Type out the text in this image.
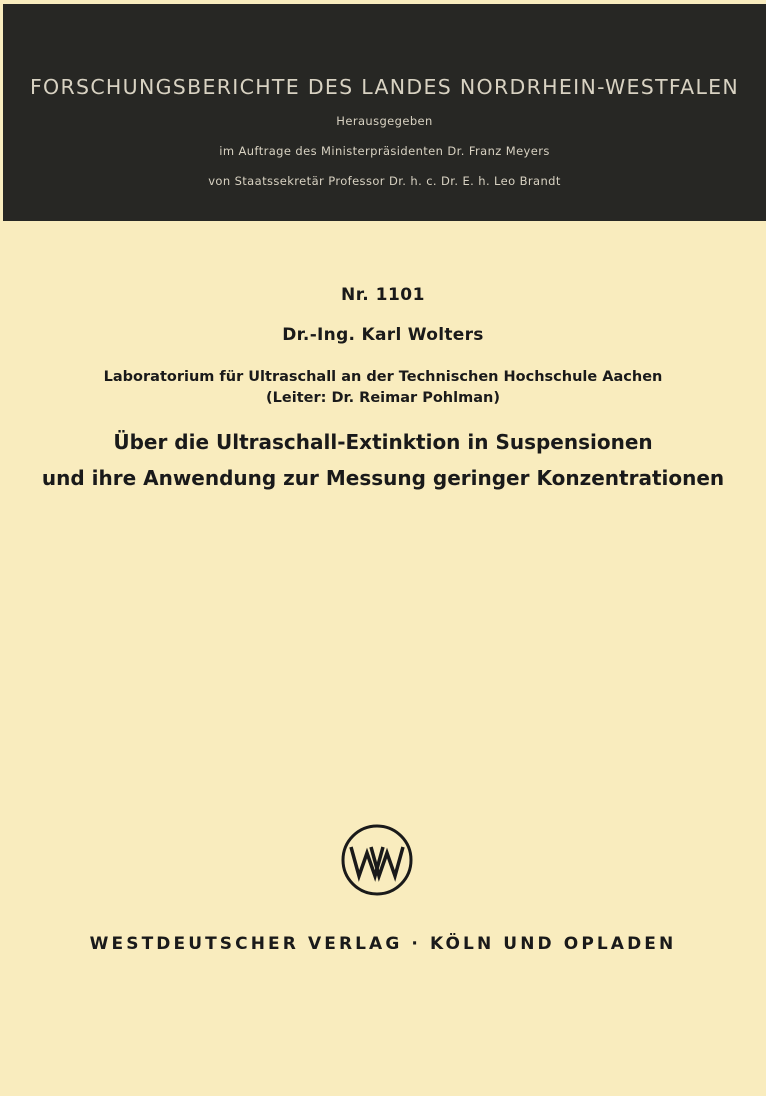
FORSCHUNGSBERICHTE DES LANDES NORDRHEIN-WESTFALEN
Herausgegeben
im Auftrage des Ministerpräsidenten Dr. Franz Meyers
von Staatssekretär Professor Dr. h. c. Dr. E. h. Leo Brandt
Nr. 1101
Dr.-Ing. Karl Wolters
Laboratorium für Ultraschall an der Technischen Hochschule Aachen
(Leiter: Dr. Reimar Pohlman)
Über die Ultraschall-Extinktion in Suspensionen
und ihre Anwendung zur Messung geringer Konzentrationen
WESTDEUTSCHER VERLAG · KÖLN UND OPLADEN
